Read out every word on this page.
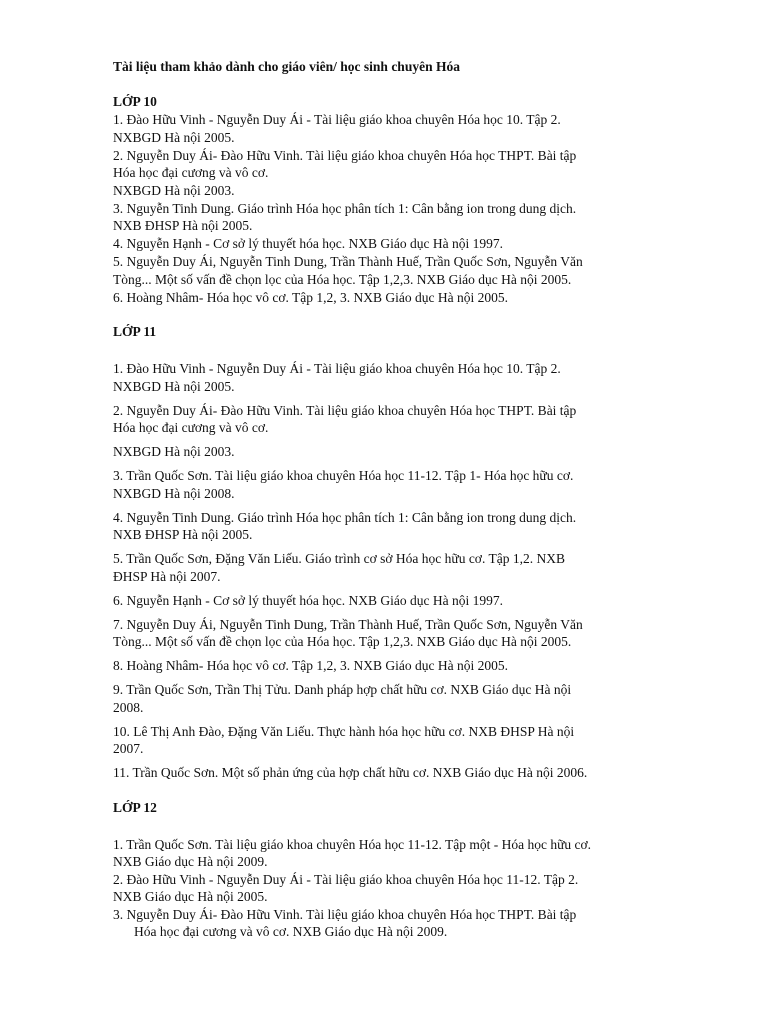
Tài liệu tham khảo dành cho giáo viên/ học sinh chuyên Hóa

LỚP 10

1. Đào Hữu Vinh - Nguyễn Duy Ái - Tài liệu giáo khoa chuyên Hóa học 10. Tập 2.
NXBGD Hà nội 2005.

2. Nguyễn Duy Ái- Đào Hữu Vinh. Tài liệu giáo khoa chuyên Hóa học THPT. Bài tập
Hóa học đại cương và vô cơ.
NXBGD Hà nội 2003.

3. Nguyễn Tinh Dung. Giáo trình Hóa học phân tích 1: Cân bằng ion trong dung dịch.
NXB ĐHSP Hà nội 2005.

4. Nguyễn Hạnh - Cơ sở lý thuyết hóa học. NXB Giáo dục Hà nội 1997.

5. Nguyễn Duy Ái, Nguyễn Tinh Dung, Trần Thành Huế, Trần Quốc Sơn, Nguyễn Văn
Tòng... Một số vấn đề chọn lọc của Hóa học. Tập 1,2,3. NXB Giáo dục Hà nội 2005.

6. Hoàng Nhâm- Hóa học vô cơ. Tập 1,2, 3. NXB Giáo dục Hà nội 2005.

LỚP 11

1. Đào Hữu Vinh - Nguyễn Duy Ái - Tài liệu giáo khoa chuyên Hóa học 10. Tập 2.
NXBGD Hà nội 2005.

2. Nguyễn Duy Ái- Đào Hữu Vinh. Tài liệu giáo khoa chuyên Hóa học THPT. Bài tập
Hóa học đại cương và vô cơ.

NXBGD Hà nội 2003.

3. Trần Quốc Sơn. Tài liệu giáo khoa chuyên Hóa học 11-12. Tập 1- Hóa học hữu cơ.
NXBGD Hà nội 2008.

4. Nguyễn Tinh Dung. Giáo trình Hóa học phân tích 1: Cân bằng ion trong dung dịch.
NXB ĐHSP Hà nội 2005.

5. Trần Quốc Sơn, Đặng Văn Liếu. Giáo trình cơ sở Hóa học hữu cơ. Tập 1,2. NXB
ĐHSP Hà nội 2007.

6. Nguyễn Hạnh - Cơ sở lý thuyết hóa học. NXB Giáo dục Hà nội 1997.

7. Nguyễn Duy Ái, Nguyễn Tinh Dung, Trần Thành Huế, Trần Quốc Sơn, Nguyễn Văn
Tòng... Một số vấn đề chọn lọc của Hóa học. Tập 1,2,3. NXB Giáo dục Hà nội 2005.

8. Hoàng Nhâm- Hóa học vô cơ. Tập 1,2, 3. NXB Giáo dục Hà nội 2005.

9. Trần Quốc Sơn, Trần Thị Tửu. Danh pháp hợp chất hữu cơ. NXB Giáo dục Hà nội
2008.

10. Lê Thị Anh Đào, Đặng Văn Liếu. Thực hành hóa học hữu cơ. NXB ĐHSP Hà nội
2007.

11. Trần Quốc Sơn. Một số phản ứng của hợp chất hữu cơ. NXB Giáo dục Hà nội 2006.

LỚP 12

1. Trần Quốc Sơn. Tài liệu giáo khoa chuyên Hóa học 11-12. Tập một - Hóa học hữu cơ.
NXB Giáo dục Hà nội 2009.

2. Đào Hữu Vinh - Nguyễn Duy Ái - Tài liệu giáo khoa chuyên Hóa học 11-12. Tập 2.
NXB Giáo dục Hà nội 2005.

3. Nguyễn Duy Ái- Đào Hữu Vinh. Tài liệu giáo khoa chuyên Hóa học THPT. Bài tập
Hóa học đại cương và vô cơ. NXB Giáo dục Hà nội 2009.
